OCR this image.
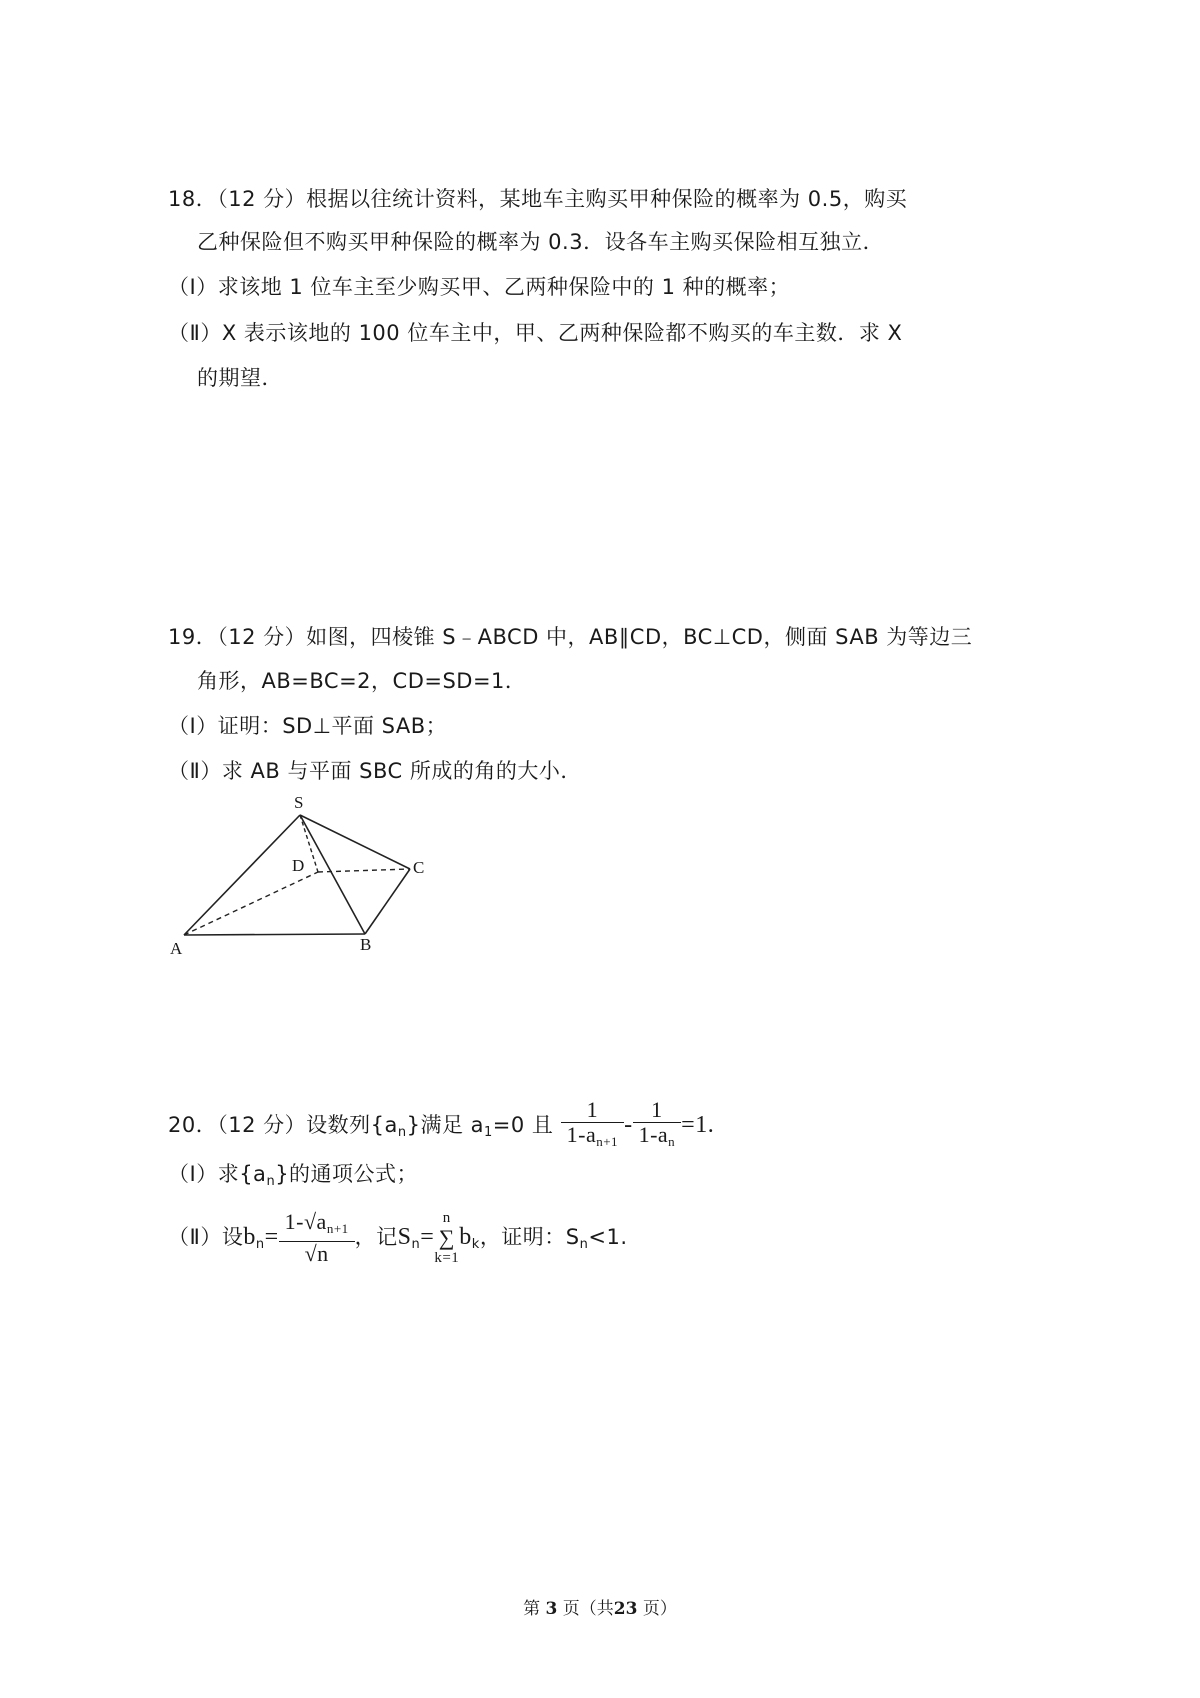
18．（12 分）根据以往统计资料，某地车主购买甲种保险的概率为 0.5，购买
乙种保险但不购买甲种保险的概率为 0.3．设各车主购买保险相互独立．
（Ⅰ）求该地 1 位车主至少购买甲、乙两种保险中的 1 种的概率；
（Ⅱ）X 表示该地的 100 位车主中，甲、乙两种保险都不购买的车主数．求 X
的期望．
19．（12 分）如图，四棱锥 S﹣ABCD 中，AB∥CD，BC⊥CD，侧面 SAB 为等边三
角形，AB=BC=2，CD=SD=1．
（Ⅰ）证明：SD⊥平面 SAB；
（Ⅱ）求 AB 与平面 SBC 所成的角的大小．
S
D	C
A	B
20．（12 分）设数列$\{a_n\}$满足 $a_1=0$ 且 $\frac{1}{1-a_{n+1}} - \frac{1}{1-a_n} =1$.
（Ⅰ）求$\{a_n\}$的通项公式；
（Ⅱ）设$b_n= \frac{1-√a_{n+1}}{√n}$ ，记$S_n=$
n
∑
k=1
$b_k$，证明：$S_n<1$.
第 3 页（共23 页）
